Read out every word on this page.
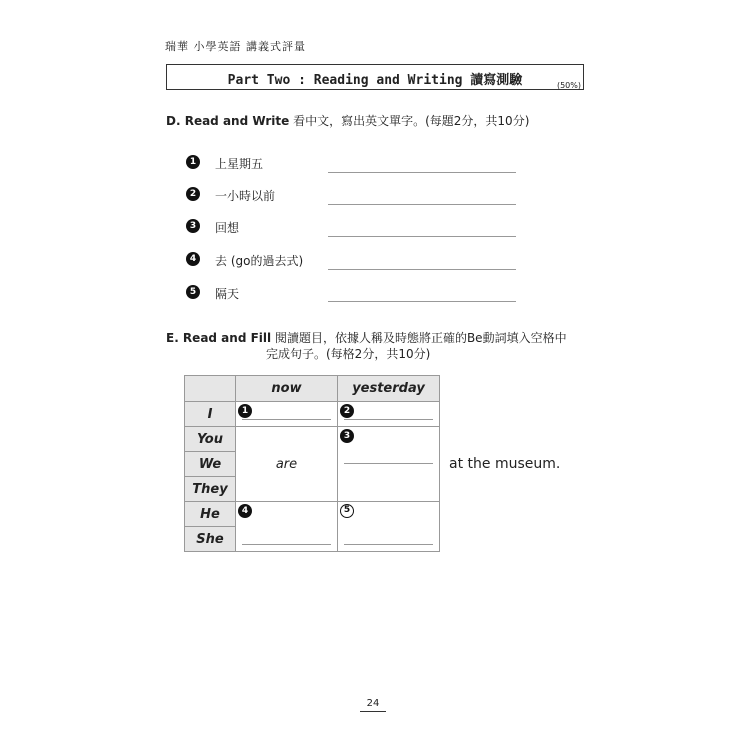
瑞華 小學英語 講義式評量
Part Two : Reading and Writing 讀寫測驗	(50%)
D. Read and Write 看中文，寫出英文單字。(每題2分，共10分)
1	上星期五
2	一小時以前
3	回想
4	去 (go的過去式)
5	隔天
E. Read and Fill 閱讀題目，依據人稱及時態將正確的Be動詞填入空格中
完成句子。(每格2分，共10分)
	now	yesterday
I	1	2

You	are	3

We		
They		
He	4	5

She		
at the museum.
24
